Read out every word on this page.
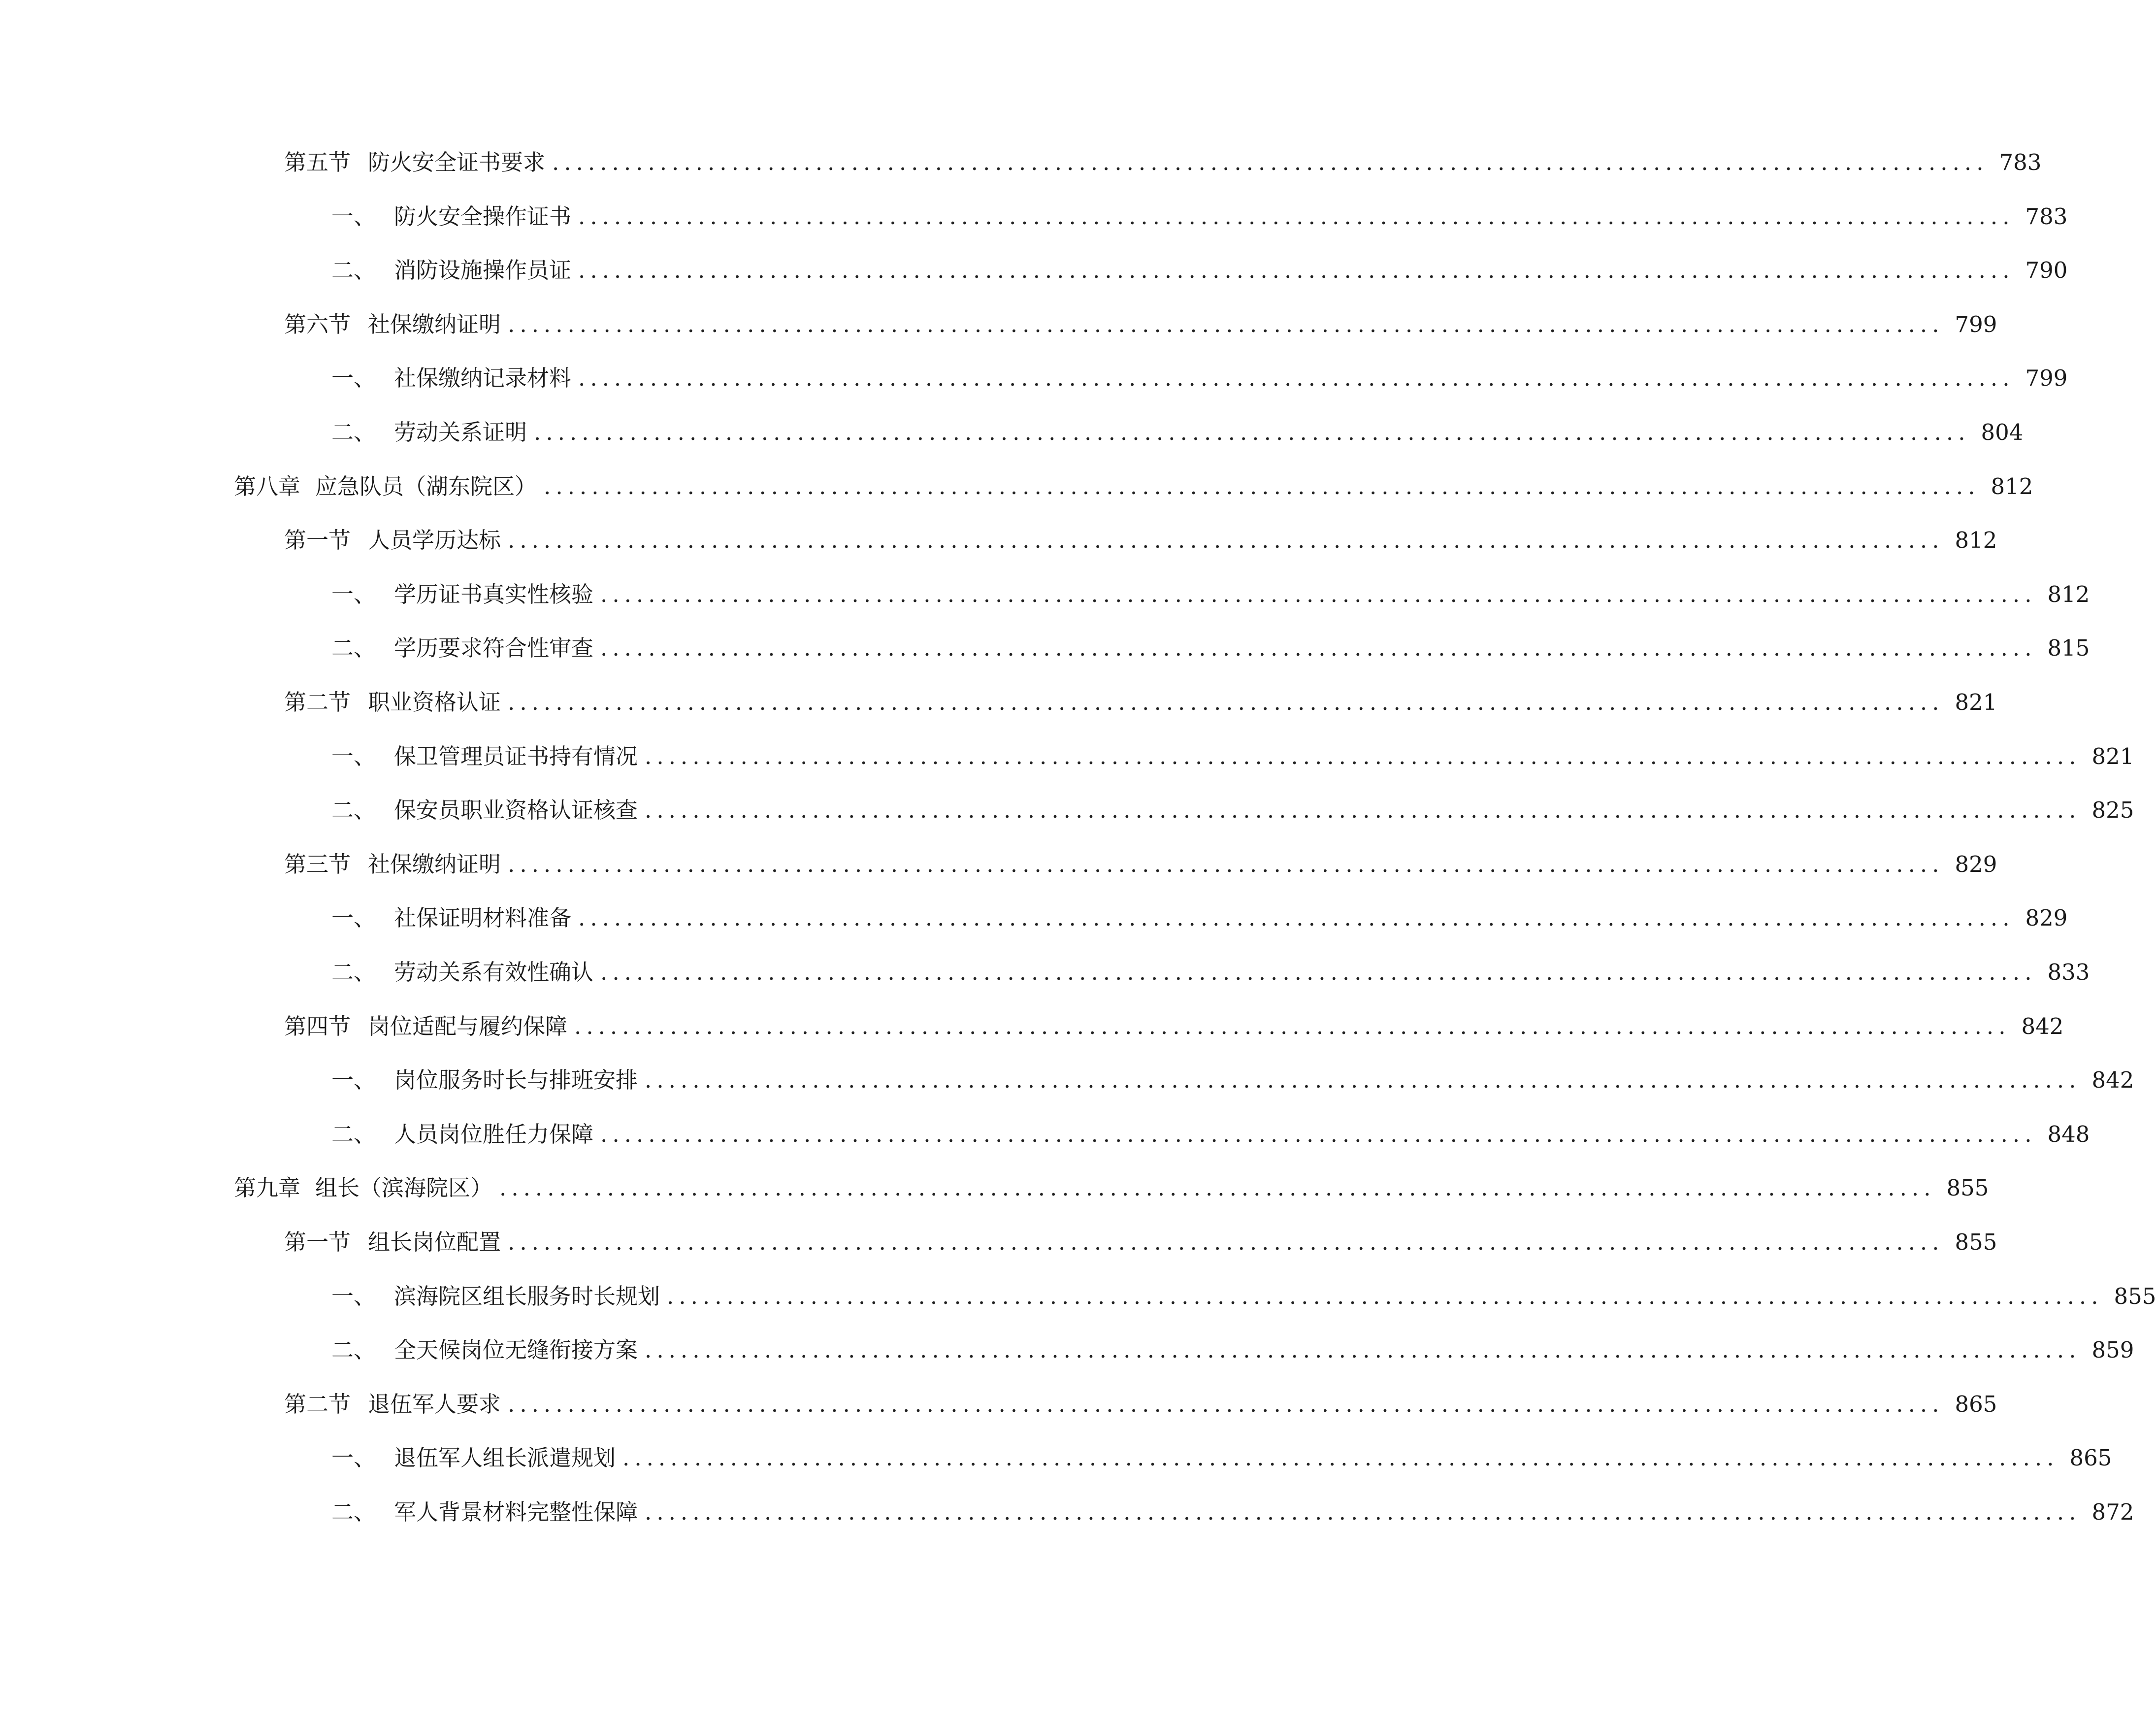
第五节 防火安全证书要求 ........................................................................................................................ 783
一、 防火安全操作证书 ........................................................................................................................ 783
二、 消防设施操作员证 ........................................................................................................................ 790
第六节 社保缴纳证明 ........................................................................................................................ 799
一、 社保缴纳记录材料 ........................................................................................................................ 799
二、 劳动关系证明 ........................................................................................................................ 804
第八章 应急队员（湖东院区） ........................................................................................................................ 812
第一节 人员学历达标 ........................................................................................................................ 812
一、 学历证书真实性核验 ........................................................................................................................ 812
二、 学历要求符合性审查 ........................................................................................................................ 815
第二节 职业资格认证 ........................................................................................................................ 821
一、 保卫管理员证书持有情况 ........................................................................................................................ 821
二、 保安员职业资格认证核查 ........................................................................................................................ 825
第三节 社保缴纳证明 ........................................................................................................................ 829
一、 社保证明材料准备 ........................................................................................................................ 829
二、 劳动关系有效性确认 ........................................................................................................................ 833
第四节 岗位适配与履约保障 ........................................................................................................................ 842
一、 岗位服务时长与排班安排 ........................................................................................................................ 842
二、 人员岗位胜任力保障 ........................................................................................................................ 848
第九章 组长（滨海院区） ........................................................................................................................ 855
第一节 组长岗位配置 ........................................................................................................................ 855
一、 滨海院区组长服务时长规划 ........................................................................................................................ 855
二、 全天候岗位无缝衔接方案 ........................................................................................................................ 859
第二节 退伍军人要求 ........................................................................................................................ 865
一、 退伍军人组长派遣规划 ........................................................................................................................ 865
二、 军人背景材料完整性保障 ........................................................................................................................ 872
